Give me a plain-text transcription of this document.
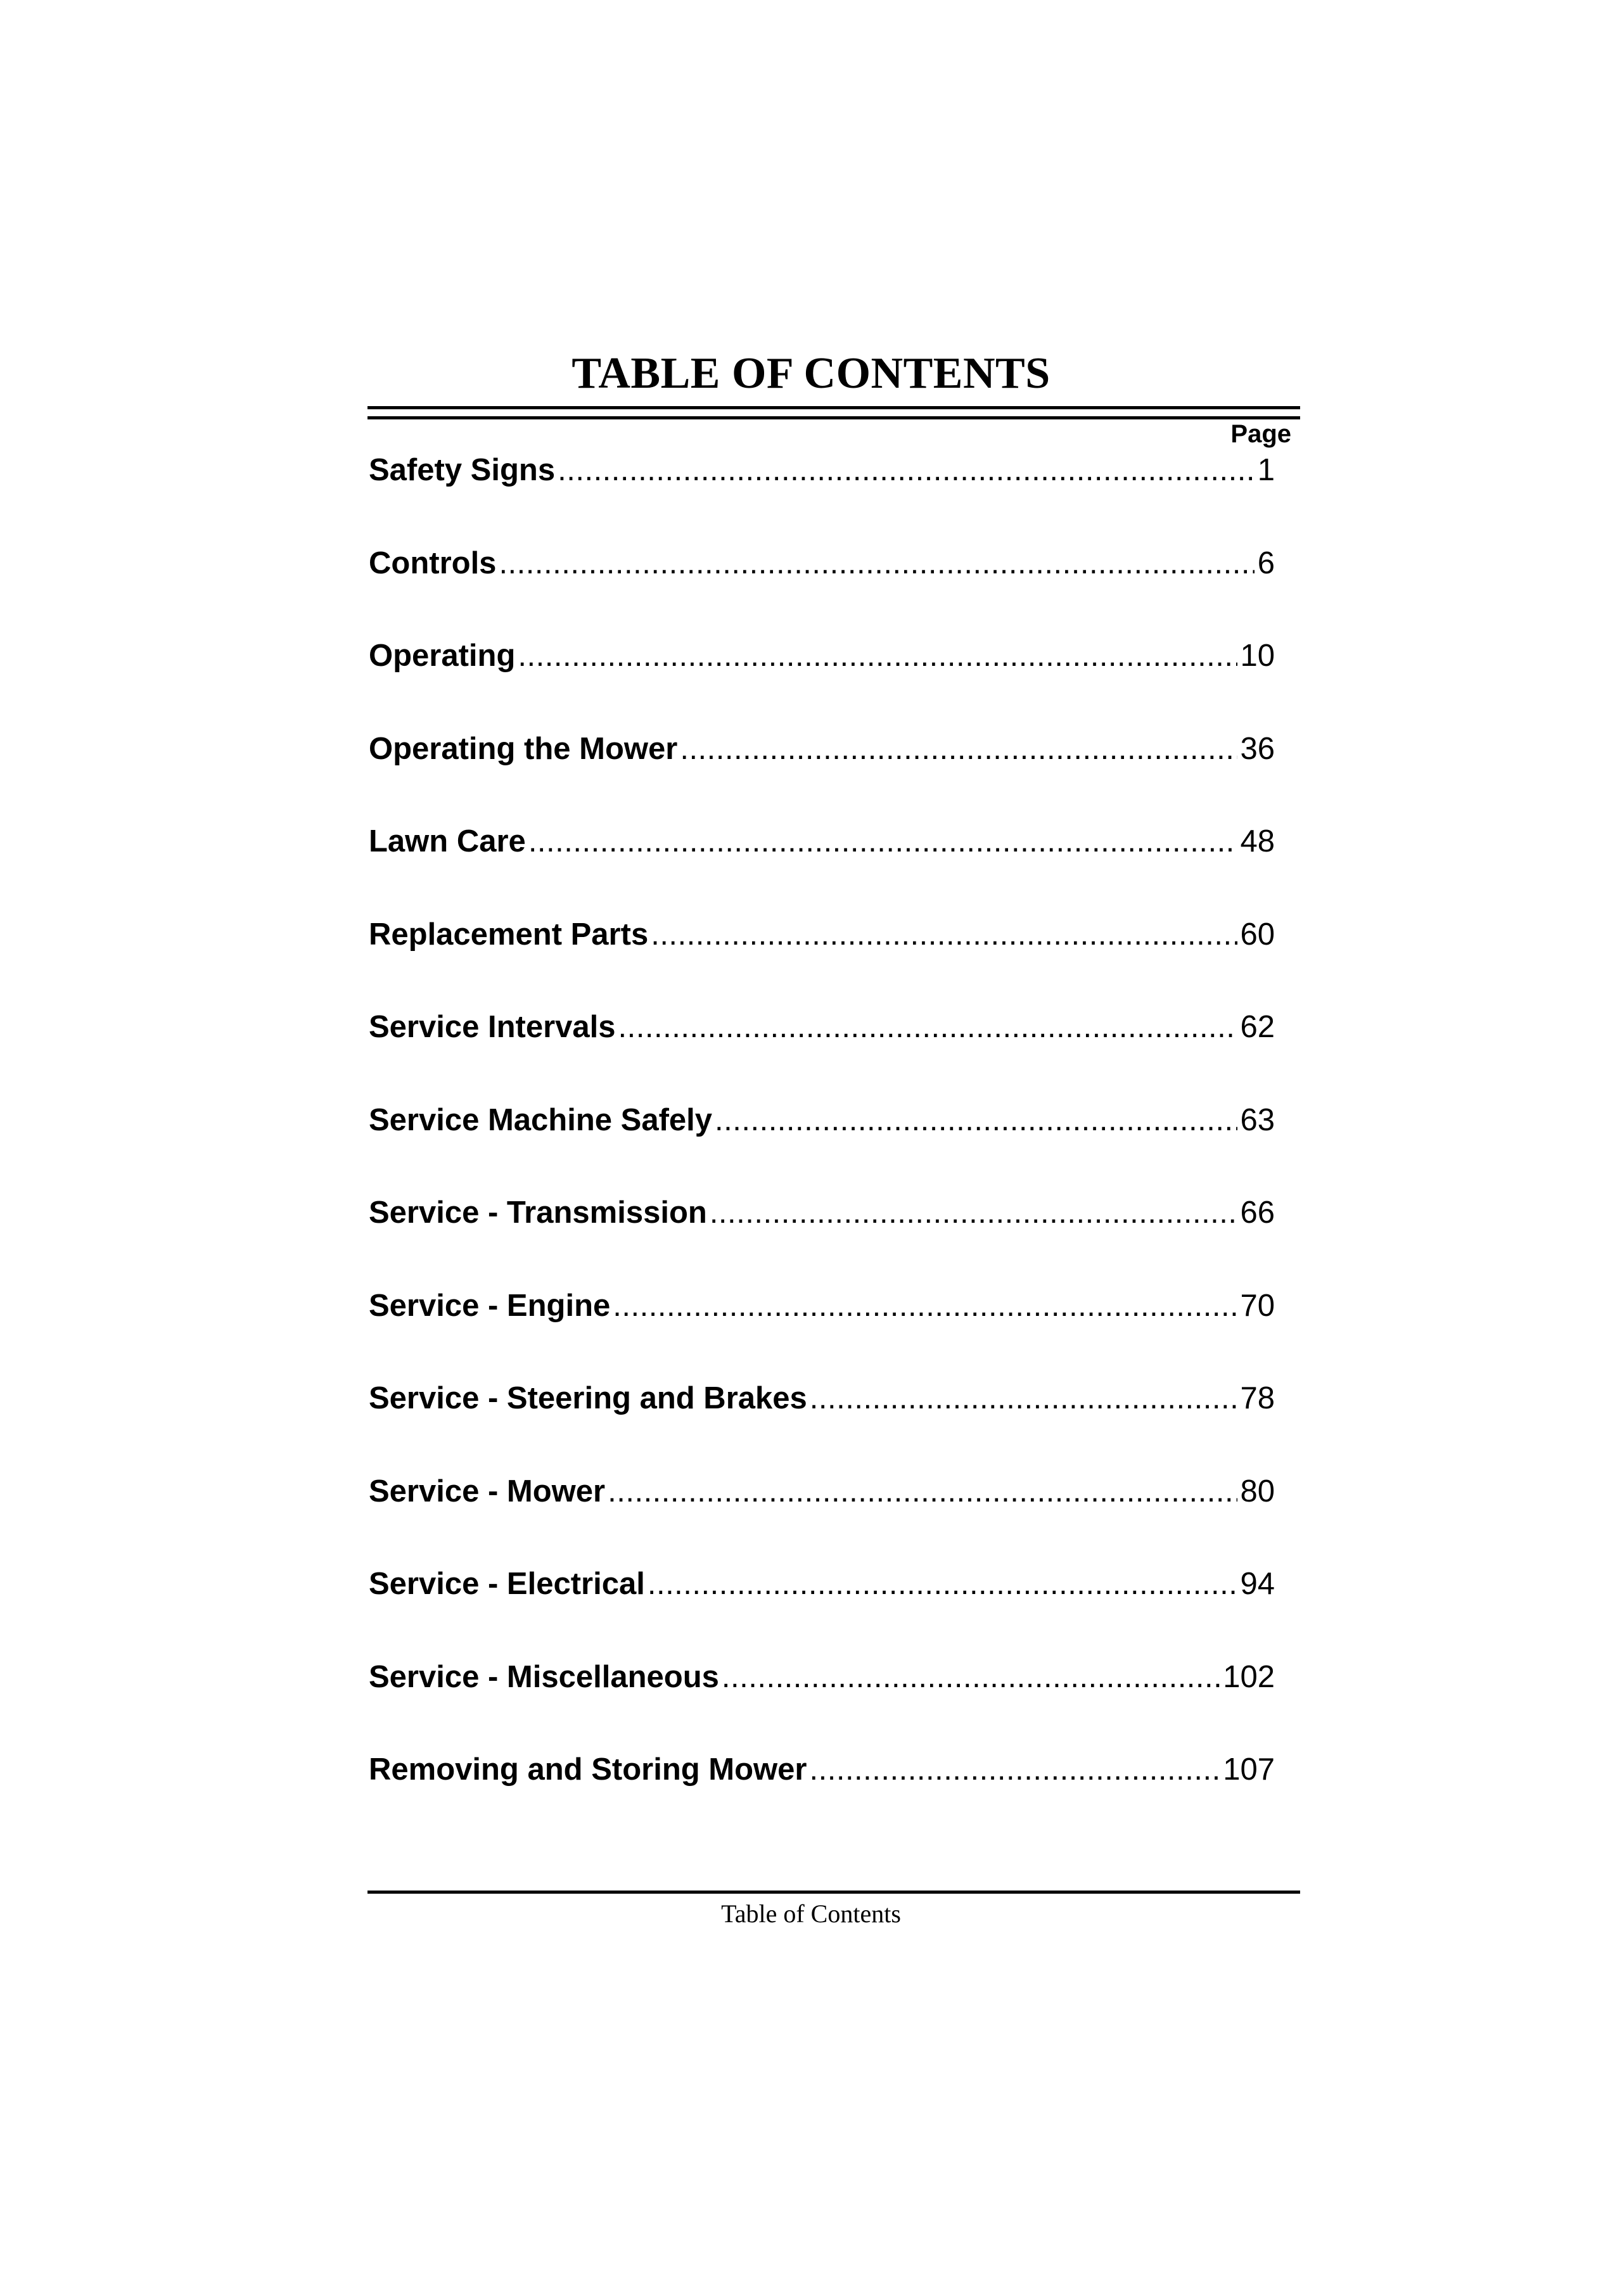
TABLE OF CONTENTS
Page
Safety Signs .....	1
Controls .....	6
Operating .....	10
Operating the Mower .....	36
Lawn Care .....	48
Replacement Parts .....	60
Service Intervals .....	62
Service Machine Safely .....	63
Service - Transmission .....	66
Service - Engine .....	70
Service - Steering and Brakes .....	78
Service - Mower .....	80
Service - Electrical .....	94
Service - Miscellaneous .....	102
Removing and Storing Mower .....	107
Table of Contents
